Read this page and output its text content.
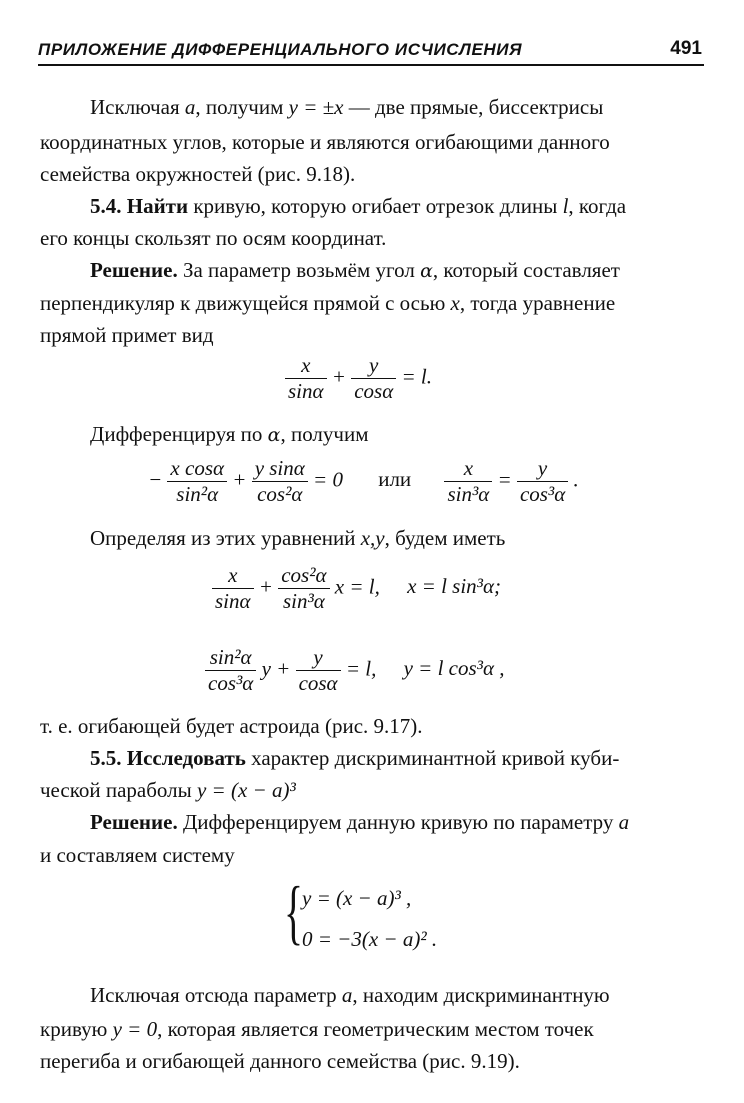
ПРИЛОЖЕНИЕ ДИФФЕРЕНЦИАЛЬНОГО ИСЧИСЛЕНИЯ	491
Исключая a, получим y = ±x — две прямые, биссектрисы
координатных углов, которые и являются огибающими данного
семейства окружностей (рис. 9.18).
5.4. Найти кривую, которую огибает отрезок длины l, когда
его концы скользят по осям координат.
Решение. За параметр возьмём угол α, который составляет
перпендикуляр к движущейся прямой с осью x, тогда уравнение
прямой примет вид
$\frac{x}{\sin\alpha} + \frac{y}{\cos\alpha} = l$.
Дифференцируя по α, получим
− $\frac{\text{x cosα}}{\text{sin²α}} + \frac{\text{y sinα}}{\text{cos²α}} = 0$ или $\frac{x}{\text{sin³α}} = \frac{y}{\text{cos³α}}$ .
Определяя из этих уравнений x,y, будем иметь
$\frac{x}{\sin\alpha} + \frac{\text{cos²α}}{\text{sin³α}}$ x = l, x = l sin³α;
$\frac{\text{sin²α}}{\text{cos³α}}$ $y + \frac{y}{\cos\alpha} = l$, y = l cos³α ,
т. е. огибающей будет астроида (рис. 9.17).
5.5. Исследовать характер дискриминантной кривой куби-
ческой параболы y = (x − a)³
Решение. Дифференцируем данную кривую по параметру a
и составляем систему
{
y = (x − a)³ ,
0 = −3(x − a)² .
Исключая отсюда параметр a, находим дискриминантную
кривую y = 0, которая является геометрическим местом точек
перегиба и огибающей данного семейства (рис. 9.19).
